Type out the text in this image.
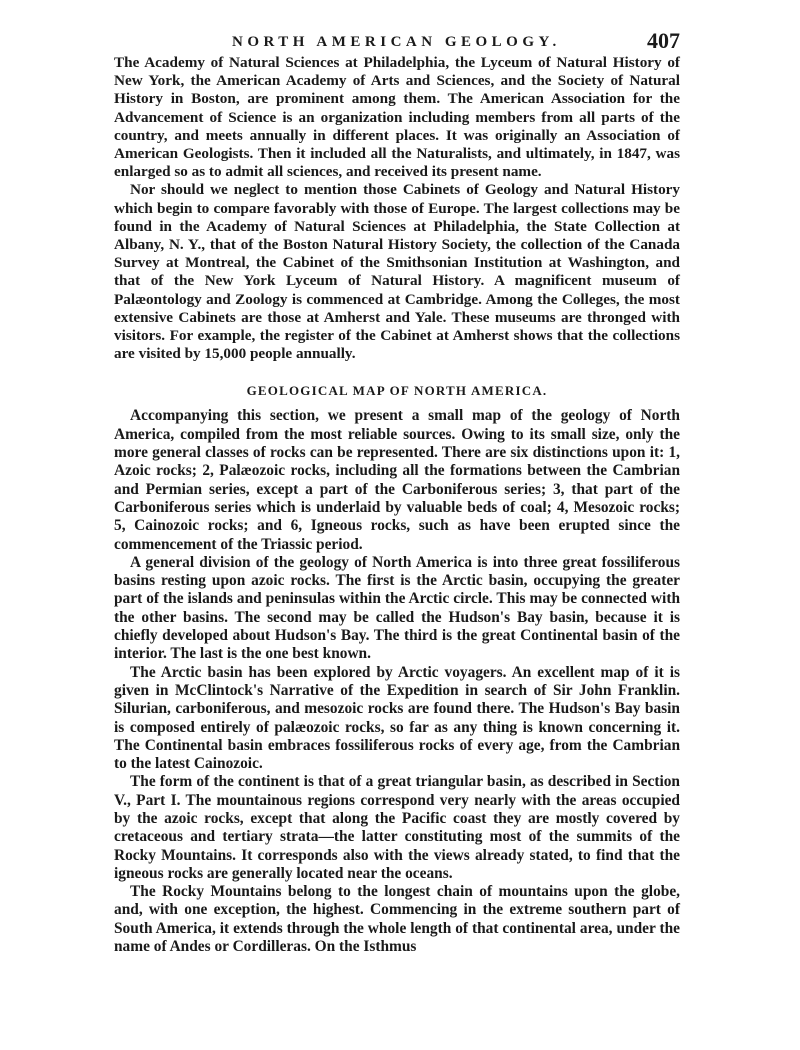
NORTH AMERICAN GEOLOGY.	407

The Academy of Natural Sciences at Philadelphia, the Lyceum of Natural History of New York, the American Academy of Arts and Sciences, and the Society of Natural History in Boston, are prominent among them. The American Association for the Advancement of Science is an organization including members from all parts of the country, and meets annually in different places. It was originally an Association of American Geologists. Then it included all the Naturalists, and ultimately, in 1847, was enlarged so as to admit all sciences, and received its present name.

Nor should we neglect to mention those Cabinets of Geology and Natural History which begin to compare favorably with those of Europe. The largest collections may be found in the Academy of Natural Sciences at Philadelphia, the State Collection at Albany, N. Y., that of the Boston Natural History Society, the collection of the Canada Survey at Montreal, the Cabinet of the Smithsonian Institution at Washington, and that of the New York Lyceum of Natural History. A magnificent museum of Palæontology and Zoology is commenced at Cambridge. Among the Colleges, the most extensive Cabinets are those at Amherst and Yale. These museums are thronged with visitors. For example, the register of the Cabinet at Amherst shows that the collections are visited by 15,000 people annually.

GEOLOGICAL MAP OF NORTH AMERICA.

Accompanying this section, we present a small map of the geology of North America, compiled from the most reliable sources. Owing to its small size, only the more general classes of rocks can be represented. There are six distinctions upon it: 1, Azoic rocks; 2, Palæozoic rocks, including all the formations between the Cambrian and Permian series, except a part of the Carboniferous series; 3, that part of the Carboniferous series which is underlaid by valuable beds of coal; 4, Mesozoic rocks; 5, Cainozoic rocks; and 6, Igneous rocks, such as have been erupted since the commencement of the Triassic period.

A general division of the geology of North America is into three great fossiliferous basins resting upon azoic rocks. The first is the Arctic basin, occupying the greater part of the islands and peninsulas within the Arctic circle. This may be connected with the other basins. The second may be called the Hudson's Bay basin, because it is chiefly developed about Hudson's Bay. The third is the great Continental basin of the interior. The last is the one best known.

The Arctic basin has been explored by Arctic voyagers. An excellent map of it is given in McClintock's Narrative of the Expedition in search of Sir John Franklin. Silurian, carboniferous, and mesozoic rocks are found there. The Hudson's Bay basin is composed entirely of palæozoic rocks, so far as any thing is known concerning it. The Continental basin embraces fossiliferous rocks of every age, from the Cambrian to the latest Cainozoic.

The form of the continent is that of a great triangular basin, as described in Section V., Part I. The mountainous regions correspond very nearly with the areas occupied by the azoic rocks, except that along the Pacific coast they are mostly covered by cretaceous and tertiary strata—the latter constituting most of the summits of the Rocky Mountains. It corresponds also with the views already stated, to find that the igneous rocks are generally located near the oceans.

The Rocky Mountains belong to the longest chain of mountains upon the globe, and, with one exception, the highest. Commencing in the extreme southern part of South America, it extends through the whole length of that continental area, under the name of Andes or Cordilleras. On the Isthmus
